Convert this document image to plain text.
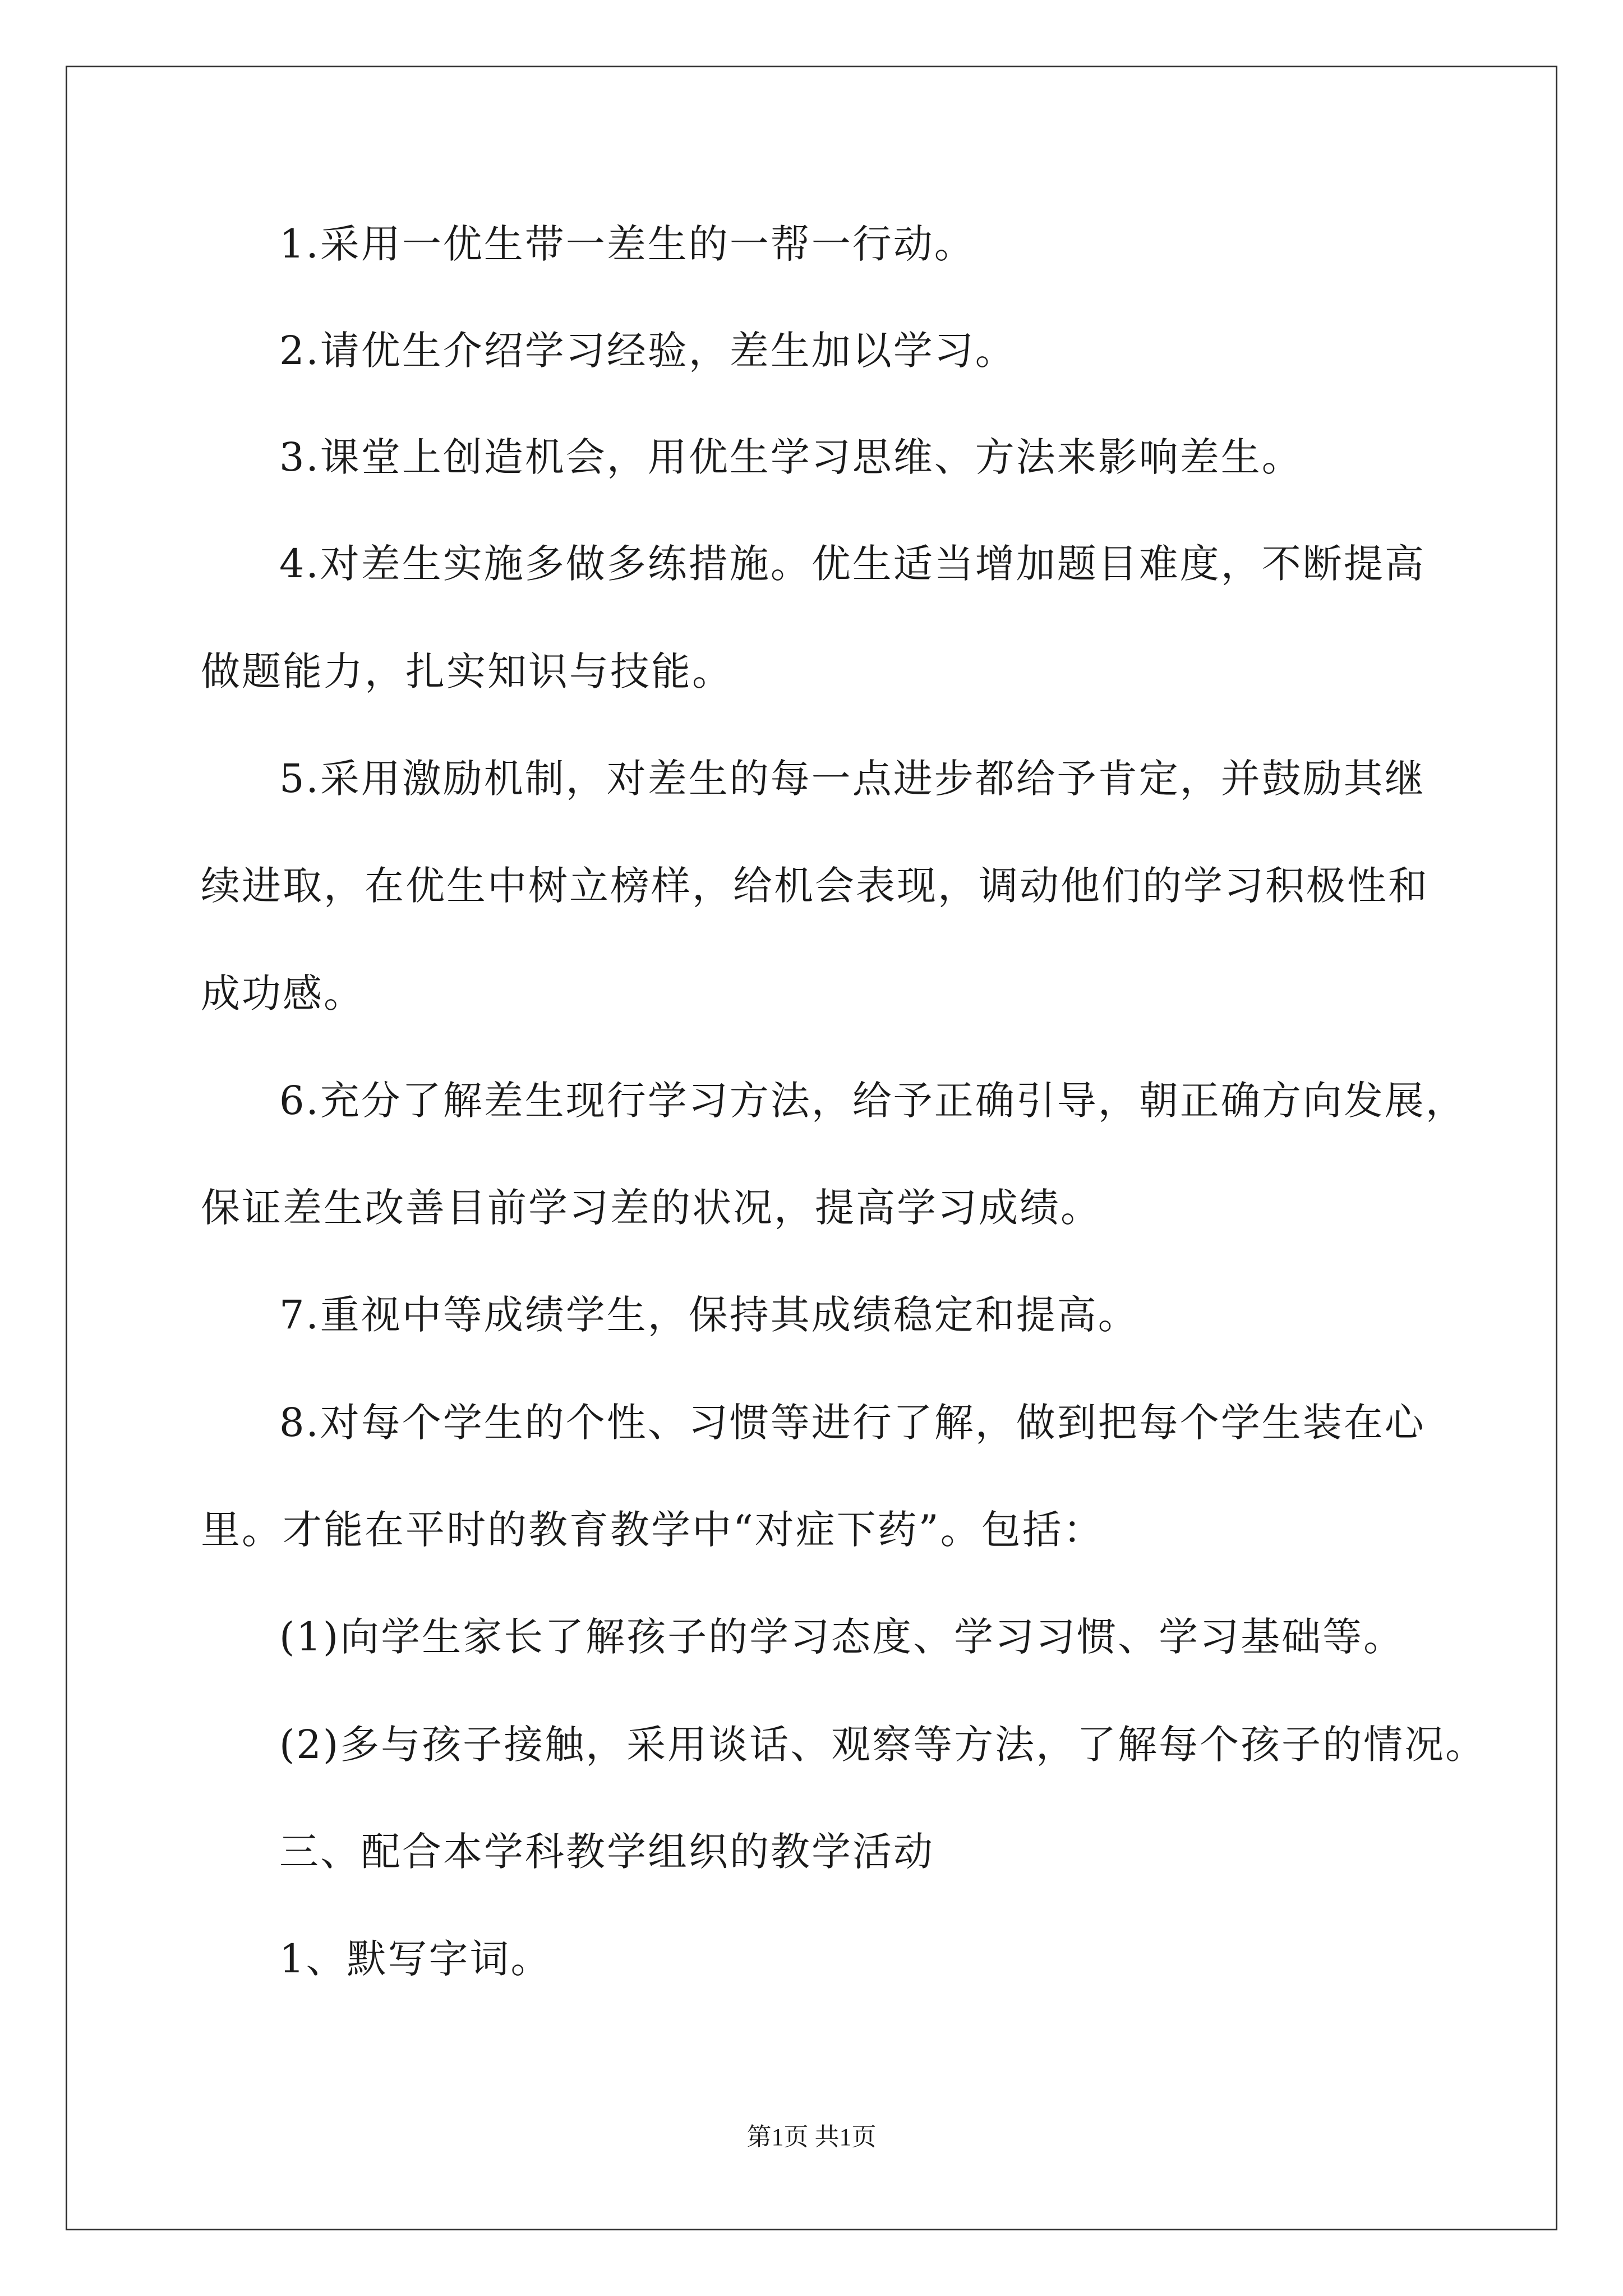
1.采用一优生带一差生的一帮一行动。
2.请优生介绍学习经验，差生加以学习。
3.课堂上创造机会，用优生学习思维、方法来影响差生。
4.对差生实施多做多练措施。优生适当增加题目难度，不断提高
做题能力，扎实知识与技能。
5.采用激励机制，对差生的每一点进步都给予肯定，并鼓励其继
续进取，在优生中树立榜样，给机会表现，调动他们的学习积极性和
成功感。
6.充分了解差生现行学习方法，给予正确引导，朝正确方向发展，
保证差生改善目前学习差的状况，提高学习成绩。
7.重视中等成绩学生，保持其成绩稳定和提高。
8.对每个学生的个性、习惯等进行了解，做到把每个学生装在心
里。才能在平时的教育教学中“对症下药”。包括：
(1)向学生家长了解孩子的学习态度、学习习惯、学习基础等。
(2)多与孩子接触，采用谈话、观察等方法，了解每个孩子的情况。
三、配合本学科教学组织的教学活动
1、默写字词。
第1页 共1页
